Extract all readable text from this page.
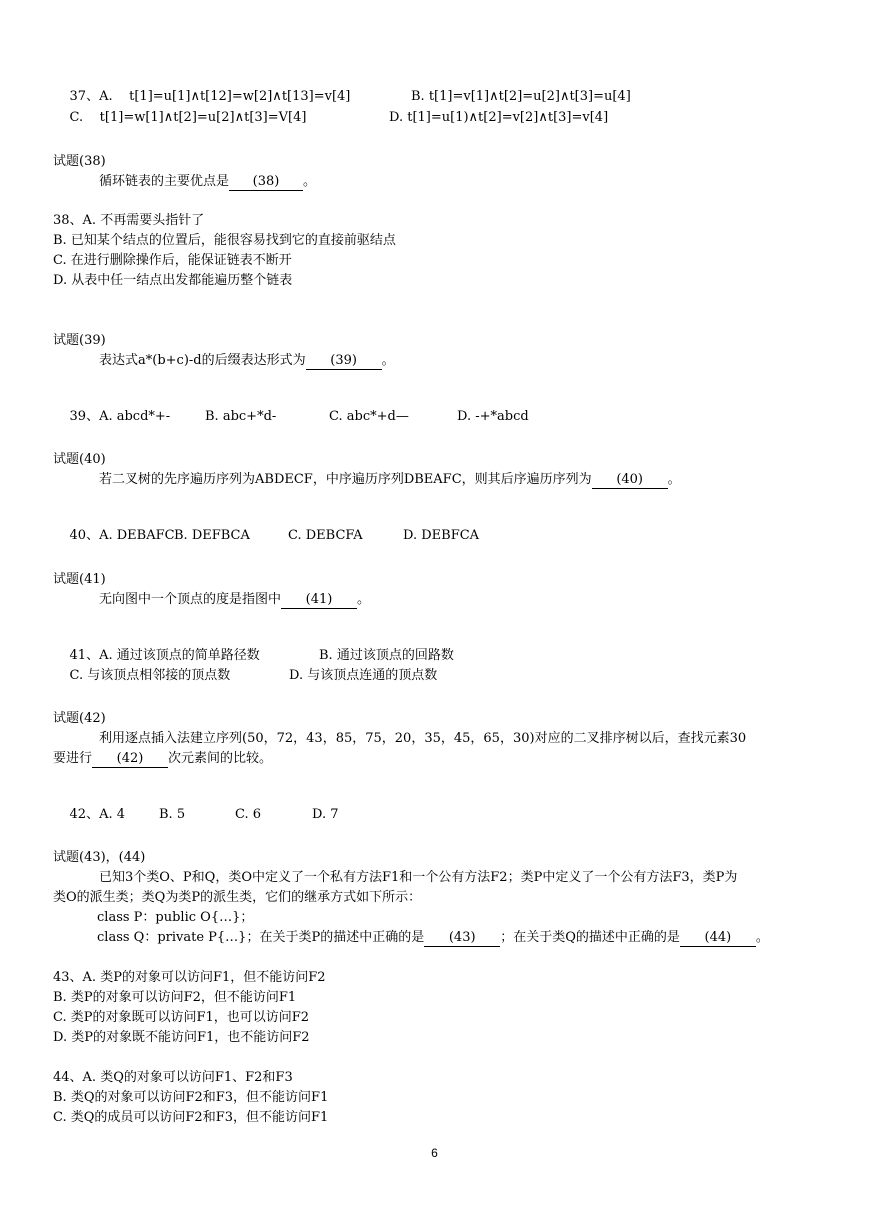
37、A.    t[1]=u[1]∧t[12]=w[2]∧t[13]=v[4]	B. t[1]=v[1]∧t[2]=u[2]∧t[3]=u[4]

C.    t[1]=w[1]∧t[2]=u[2]∧t[3]=V[4]	D. t[1]=u[1)∧t[2]=v[2]∧t[3]=v[4]

试题(38)
循环链表的主要优点是 (38) 。
38、A. 不再需要头指针了
B. 已知某个结点的位置后，能很容易找到它的直接前驱结点
C. 在进行删除操作后，能保证链表不断开
D. 从表中任一结点出发都能遍历整个链表
试题(39)
表达式a*(b+c)-d的后缀表达形式为 (39) 。

39、A. abcd*+-	B. abc+*d-	C. abc*+d—	D. -+*abcd

试题(40)
若二叉树的先序遍历序列为ABDECF，中序遍历序列DBEAFC，则其后序遍历序列为 (40) 。

40、A. DEBAFC B. DEFBCA	C. DEBCFA	D. DEBFCA

试题(41)
无向图中一个顶点的度是指图中 (41) 。

41、A. 通过该顶点的简单路径数	B. 通过该顶点的回路数

C. 与该顶点相邻接的顶点数	D. 与该顶点连通的顶点数

试题(42)
利用逐点插入法建立序列(50，72，43，85，75，20，35，45，65，30)对应的二叉排序树以后，查找元素30
要进行 (42) 次元素间的比较。

42、A. 4	B. 5	C. 6	D. 7

试题(43)，(44)
已知3个类O、P和Q，类O中定义了一个私有方法F1和一个公有方法F2；类P中定义了一个公有方法F3，类P为
类O的派生类；类Q为类P的派生类，它们的继承方式如下所示：
class P：public O{…}；
class Q：private P{…}；在关于类P的描述中正确的是 (43) ；在关于类Q的描述中正确的是 (44) 。
43、A. 类P的对象可以访问F1，但不能访问F2
B. 类P的对象可以访问F2，但不能访问F1
C. 类P的对象既可以访问F1，也可以访问F2
D. 类P的对象既不能访问F1，也不能访问F2
44、A. 类Q的对象可以访问F1、F2和F3
B. 类Q的对象可以访问F2和F3，但不能访问F1
C. 类Q的成员可以访问F2和F3，但不能访问F1
6
